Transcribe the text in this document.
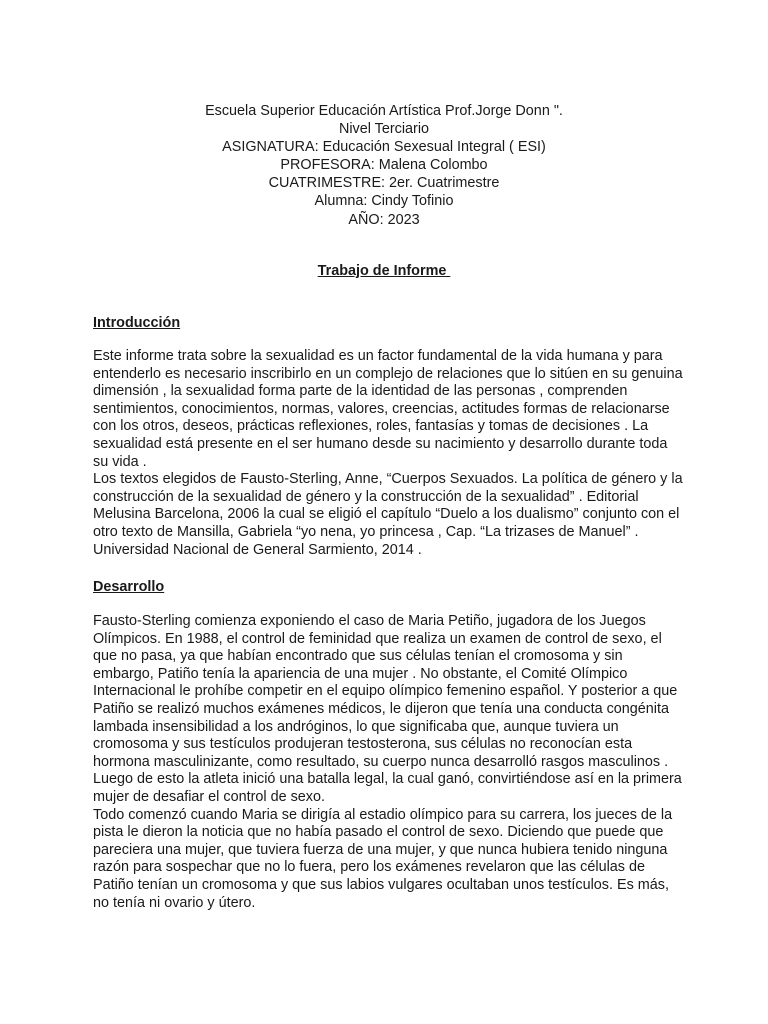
Escuela Superior Educación Artística Prof.Jorge Donn ".
Nivel Terciario
ASIGNATURA: Educación Sexesual Integral ( ESI)
PROFESORA: Malena Colombo
CUATRIMESTRE: 2er. Cuatrimestre
Alumna: Cindy Tofinio
AÑO: 2023
Trabajo de Informe
Introducción
Este informe trata sobre la sexualidad es un factor fundamental de la vida humana y para
entenderlo es necesario inscribirlo en un complejo de relaciones que lo sitúen en su genuina
dimensión , la sexualidad forma parte de la identidad de las personas , comprenden
sentimientos, conocimientos, normas, valores, creencias, actitudes formas de relacionarse
con los otros, deseos, prácticas reflexiones, roles, fantasías y tomas de decisiones . La
sexualidad está presente en el ser humano desde su nacimiento y desarrollo durante toda
su vida .
Los textos elegidos de Fausto-Sterling, Anne, “Cuerpos Sexuados. La política de género y la
construcción de la sexualidad de género y la construcción de la sexualidad” . Editorial
Melusina Barcelona, 2006 la cual se eligió el capítulo “Duelo a los dualismo” conjunto con el
otro texto de Mansilla, Gabriela “yo nena, yo princesa , Cap. “La trizases de Manuel” .
Universidad Nacional de General Sarmiento, 2014 .
Desarrollo
Fausto-Sterling comienza exponiendo el caso de Maria Petiño, jugadora de los Juegos
Olímpicos. En 1988, el control de feminidad que realiza un examen de control de sexo, el
que no pasa, ya que habían encontrado que sus células tenían el cromosoma y sin
embargo, Patiño tenía la apariencia de una mujer . No obstante, el Comité Olímpico
Internacional le prohíbe competir en el equipo olímpico femenino español. Y posterior a que
Patiño se realizó muchos exámenes médicos, le dijeron que tenía una conducta congénita
lambada insensibilidad a los andróginos, lo que significaba que, aunque tuviera un
cromosoma y sus testículos produjeran testosterona, sus células no reconocían esta
hormona masculinizante, como resultado, su cuerpo nunca desarrolló rasgos masculinos .
Luego de esto la atleta inició una batalla legal, la cual ganó, convirtiéndose así en la primera
mujer de desafiar el control de sexo.
Todo comenzó cuando Maria se dirigía al estadio olímpico para su carrera, los jueces de la
pista le dieron la noticia que no había pasado el control de sexo. Diciendo que puede que
pareciera una mujer, que tuviera fuerza de una mujer, y que nunca hubiera tenido ninguna
razón para sospechar que no lo fuera, pero los exámenes revelaron que las células de
Patiño tenían un cromosoma y que sus labios vulgares ocultaban unos testículos. Es más,
no tenía ni ovario y útero.
